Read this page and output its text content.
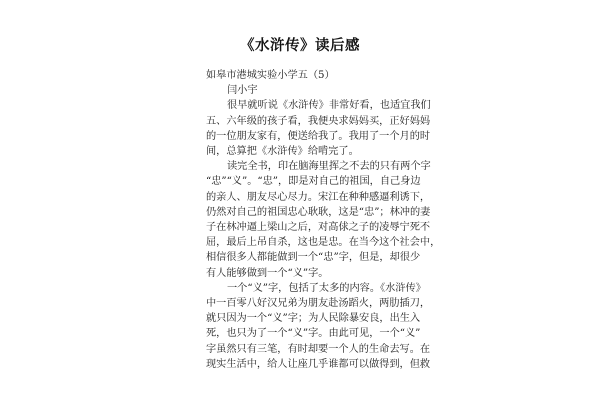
《水浒传》读后感
如皋市港城实验小学五（5）
闫小宇
很早就听说《水浒传》非常好看，也适宜我们
五、六年级的孩子看，我便央求妈妈买，正好妈妈
的一位朋友家有，便送给我了。我用了一个月的时
间，总算把《水浒传》给啃完了。
读完全书，印在脑海里挥之不去的只有两个字
“忠”“义”。“忠”，即是对自己的祖国，自己身边
的亲人、朋友尽心尽力。宋江在种种感逼利诱下，
仍然对自己的祖国忠心耿耿，这是“忠”；林冲的妻
子在林冲逼上梁山之后，对高俅之子的凌辱宁死不
屈，最后上吊自杀，这也是忠。在当今这个社会中，
相信很多人都能做到一个“忠”字，但是，却很少
有人能够做到一个“义”字。
一个“义”字，包括了太多的内容。《水浒传》
中一百零八好汉兄弟为朋友赴汤蹈火，两肋插刀，
就只因为一个“义”字；为人民除暴安良，出生入
死，也只为了一个“义”字。由此可见，一个“义”
字虽然只有三笔，有时却要一个人的生命去写。在
现实生活中，给人让座几乎谁都可以做得到，但救
